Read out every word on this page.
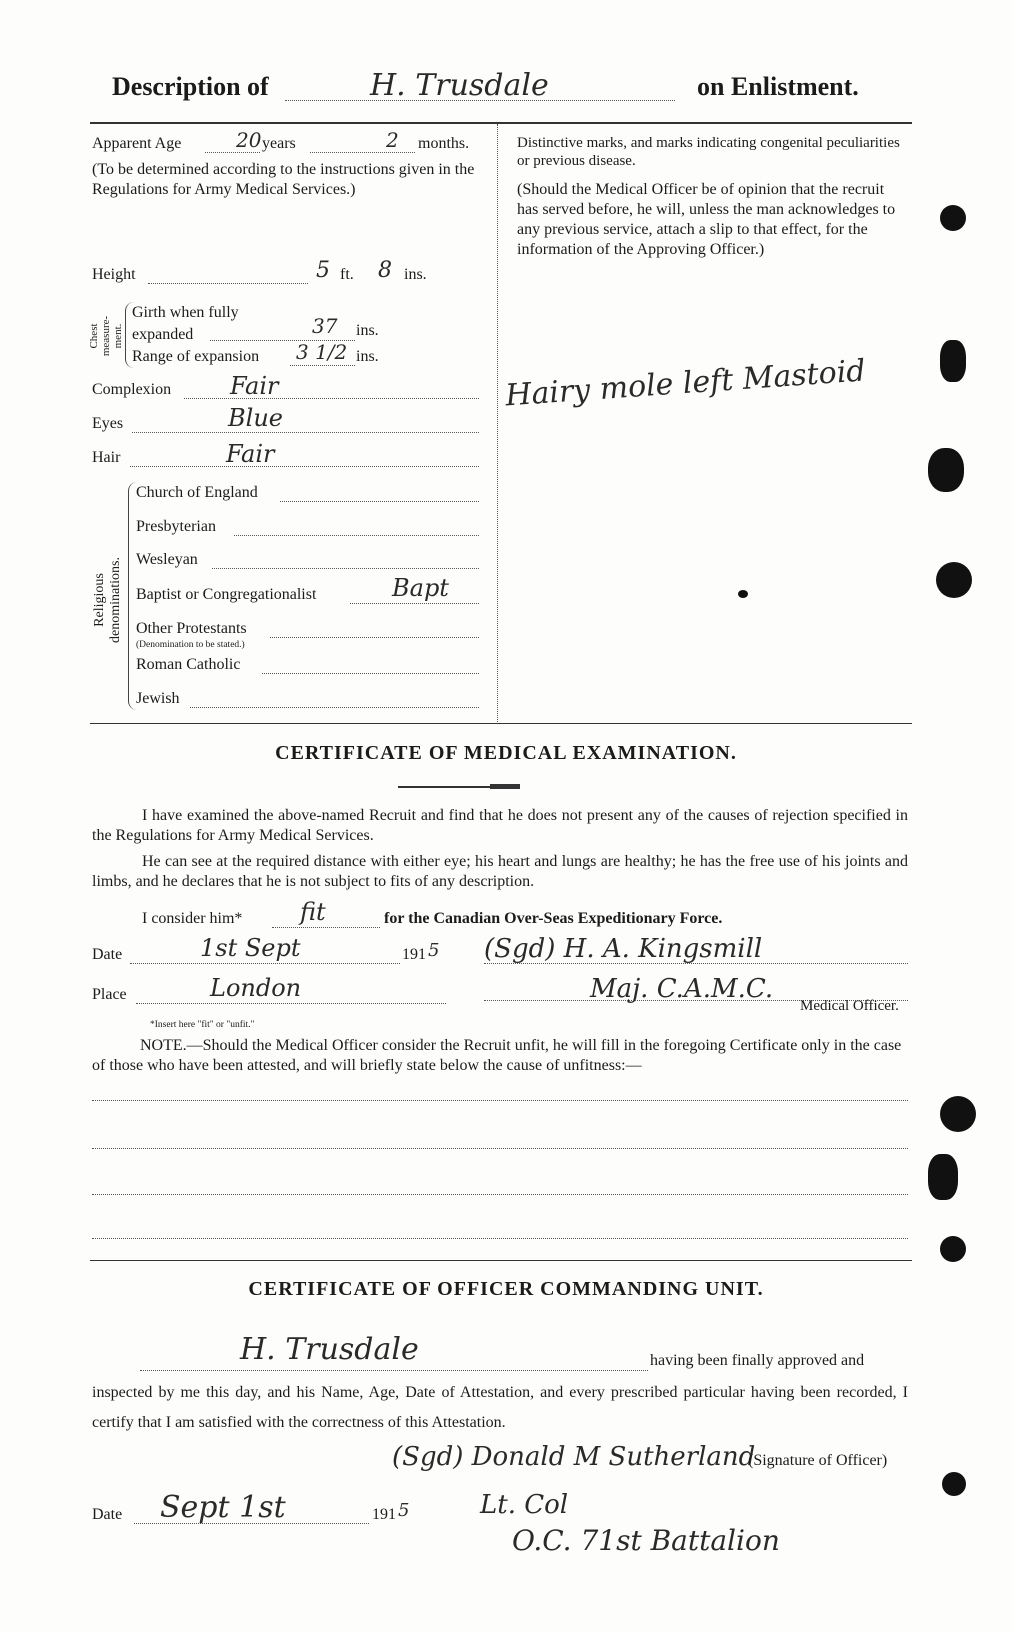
Description of	H. Trusdale	on Enlistment.
Apparent Age	20 years	2 months.
(To be determined according to the instructions given in the Regulations for Army Medical Services.)
Height	5 ft. 8 ins.
Chest measure-ment.
Girth when fully expanded	37 ins.
Range of expansion 3 1/2 ins.
Complexion Fair
Eyes	Blue
Hair	Fair
Religious denominations.
Church of England
Presbyterian
Wesleyan
Baptist or Congregationalist	Bapt
Other Protestants
(Denomination to be stated.)
Roman Catholic
Jewish
Distinctive marks, and marks indicating congenital peculiarities or previous disease.
(Should the Medical Officer be of opinion that the recruit has served before, he will, unless the man acknowledges to any previous service, attach a slip to that effect, for the information of the Approving Officer.)
Hairy mole left Mastoid
CERTIFICATE OF MEDICAL EXAMINATION.
I have examined the above-named Recruit and find that he does not present any of the causes of rejection specified in the Regulations for Army Medical Services.
He can see at the required distance with either eye; his heart and lungs are healthy; he has the free use of his joints and limbs, and he declares that he is not subject to fits of any description.
I consider him* fit	for the Canadian Over-Seas Expeditionary Force.
Date	1st Sept	191 5 (Sgd) H. A. Kingsmill
Place	London	Maj. C.A.M.C.
Medical Officer.
*Insert here "fit" or "unfit."
NOTE.—Should the Medical Officer consider the Recruit unfit, he will fill in the foregoing Certificate only in the case of those who have been attested, and will briefly state below the cause of unfitness:—
CERTIFICATE OF OFFICER COMMANDING UNIT.
H. Trusdale	having been finally approved and
inspected by me this day, and his Name, Age, Date of Attestation, and every prescribed particular having been recorded, I certify that I am satisfied with the correctness of this Attestation.
(Sgd) Donald M Sutherland
(Signature of Officer)
Date Sept 1st	191 5	Lt. Col
O.C. 71st Battalion
